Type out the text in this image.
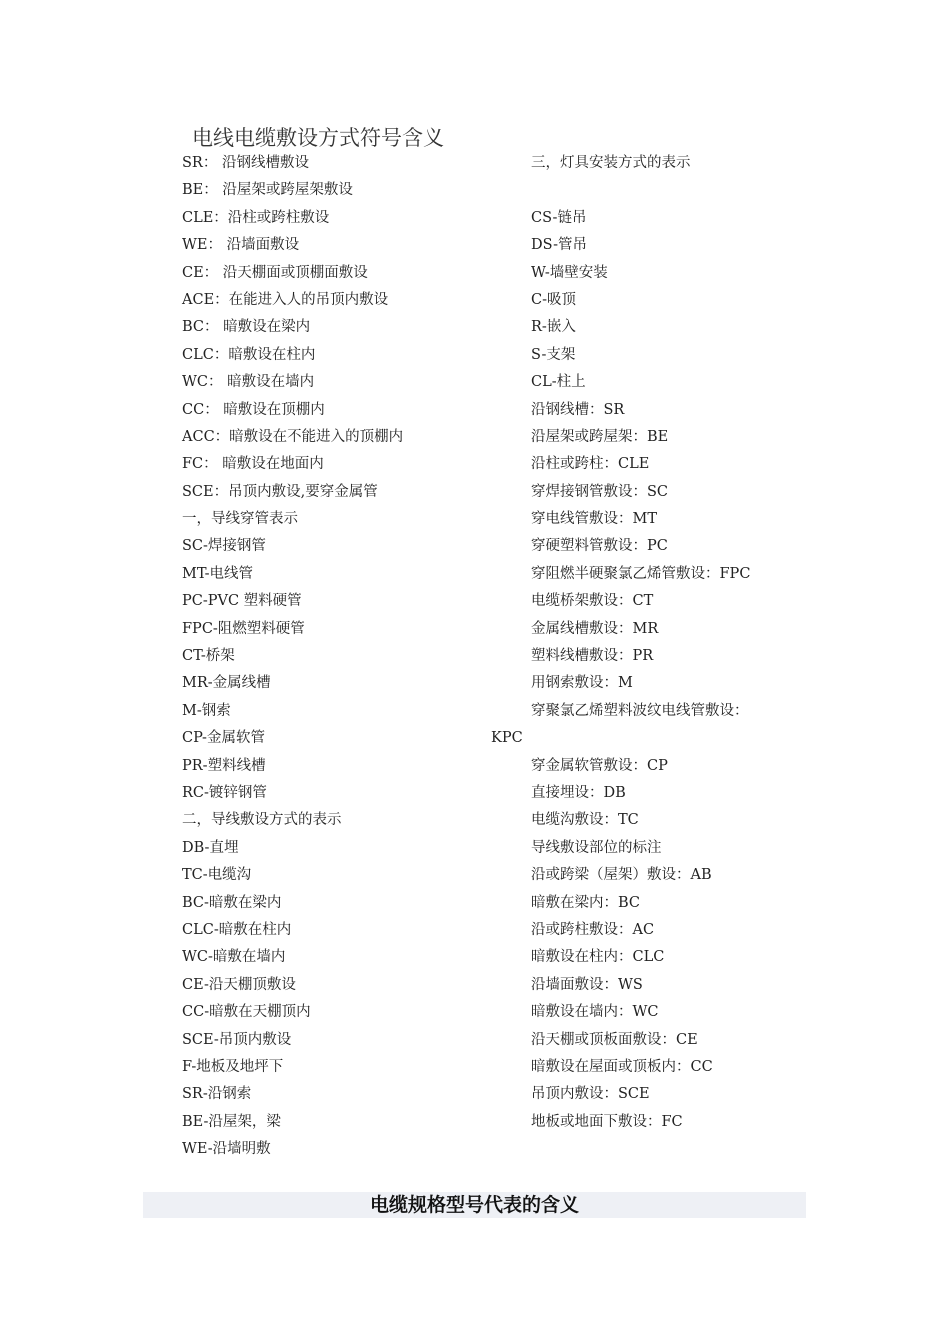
电线电缆敷设方式符号含义
SR： 沿钢线槽敷设
BE： 沿屋架或跨屋架敷设
CLE：沿柱或跨柱敷设
WE： 沿墙面敷设
CE： 沿天棚面或顶棚面敷设
ACE：在能进入人的吊顶内敷设
BC： 暗敷设在梁内
CLC：暗敷设在柱内
WC： 暗敷设在墙内
CC： 暗敷设在顶棚内
ACC：暗敷设在不能进入的顶棚内
FC： 暗敷设在地面内
SCE：吊顶内敷设,要穿金属管
一，导线穿管表示
SC-焊接钢管
MT-电线管
PC-PVC 塑料硬管
FPC-阻燃塑料硬管
CT-桥架
MR-金属线槽
M-钢索
CP-金属软管
PR-塑料线槽
RC-镀锌钢管
二，导线敷设方式的表示
DB-直埋
TC-电缆沟
BC-暗敷在梁内
CLC-暗敷在柱内
WC-暗敷在墙内
CE-沿天棚顶敷设
CC-暗敷在天棚顶内
SCE-吊顶内敷设
F-地板及地坪下
SR-沿钢索
BE-沿屋架，梁
WE-沿墙明敷
三，灯具安装方式的表示
CS-链吊
DS-管吊
W-墙壁安装
C-吸顶
R-嵌入
S-支架
CL-柱上
沿钢线槽：SR
沿屋架或跨屋架：BE
沿柱或跨柱：CLE
穿焊接钢管敷设：SC
穿电线管敷设：MT
穿硬塑料管敷设：PC
穿阻燃半硬聚氯乙烯管敷设：FPC
电缆桥架敷设：CT
金属线槽敷设：MR
塑料线槽敷设：PR
用钢索敷设：M
穿聚氯乙烯塑料波纹电线管敷设：
KPC
穿金属软管敷设：CP
直接埋设：DB
电缆沟敷设：TC
导线敷设部位的标注
沿或跨梁（屋架）敷设：AB
暗敷在梁内：BC
沿或跨柱敷设：AC
暗敷设在柱内：CLC
沿墙面敷设：WS
暗敷设在墙内：WC
沿天棚或顶板面敷设：CE
暗敷设在屋面或顶板内：CC
吊顶内敷设：SCE
地板或地面下敷设：FC
电缆规格型号代表的含义
